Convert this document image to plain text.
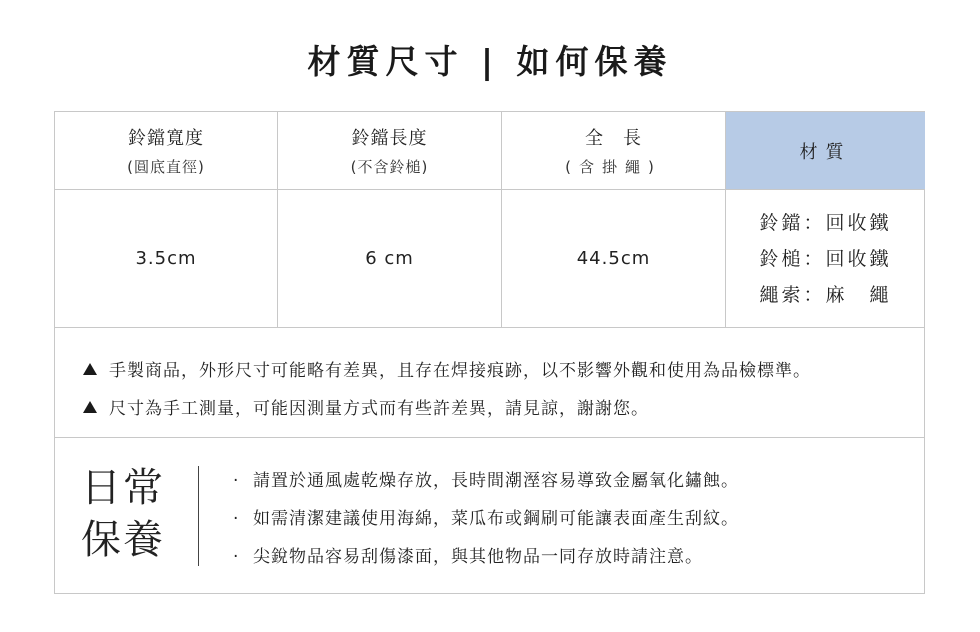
材質尺寸 | 如何保養
鈴鐺寬度
(圓底直徑)
鈴鐺長度
(不含鈴槌)
全　長
(含掛繩)
材質
3.5cm	6 cm	44.5cm
鈴鐺：回收鐵
鈴槌：回收鐵
繩索：麻　繩
手製商品，外形尺寸可能略有差異，且存在焊接痕跡，以不影響外觀和使用為品檢標準。
尺寸為手工測量，可能因測量方式而有些許差異，請見諒，謝謝您。
日常
保養
· 請置於通風處乾燥存放，長時間潮溼容易導致金屬氧化鏽蝕。
· 如需清潔建議使用海綿，菜瓜布或鋼刷可能讓表面產生刮紋。
· 尖銳物品容易刮傷漆面，與其他物品一同存放時請注意。
